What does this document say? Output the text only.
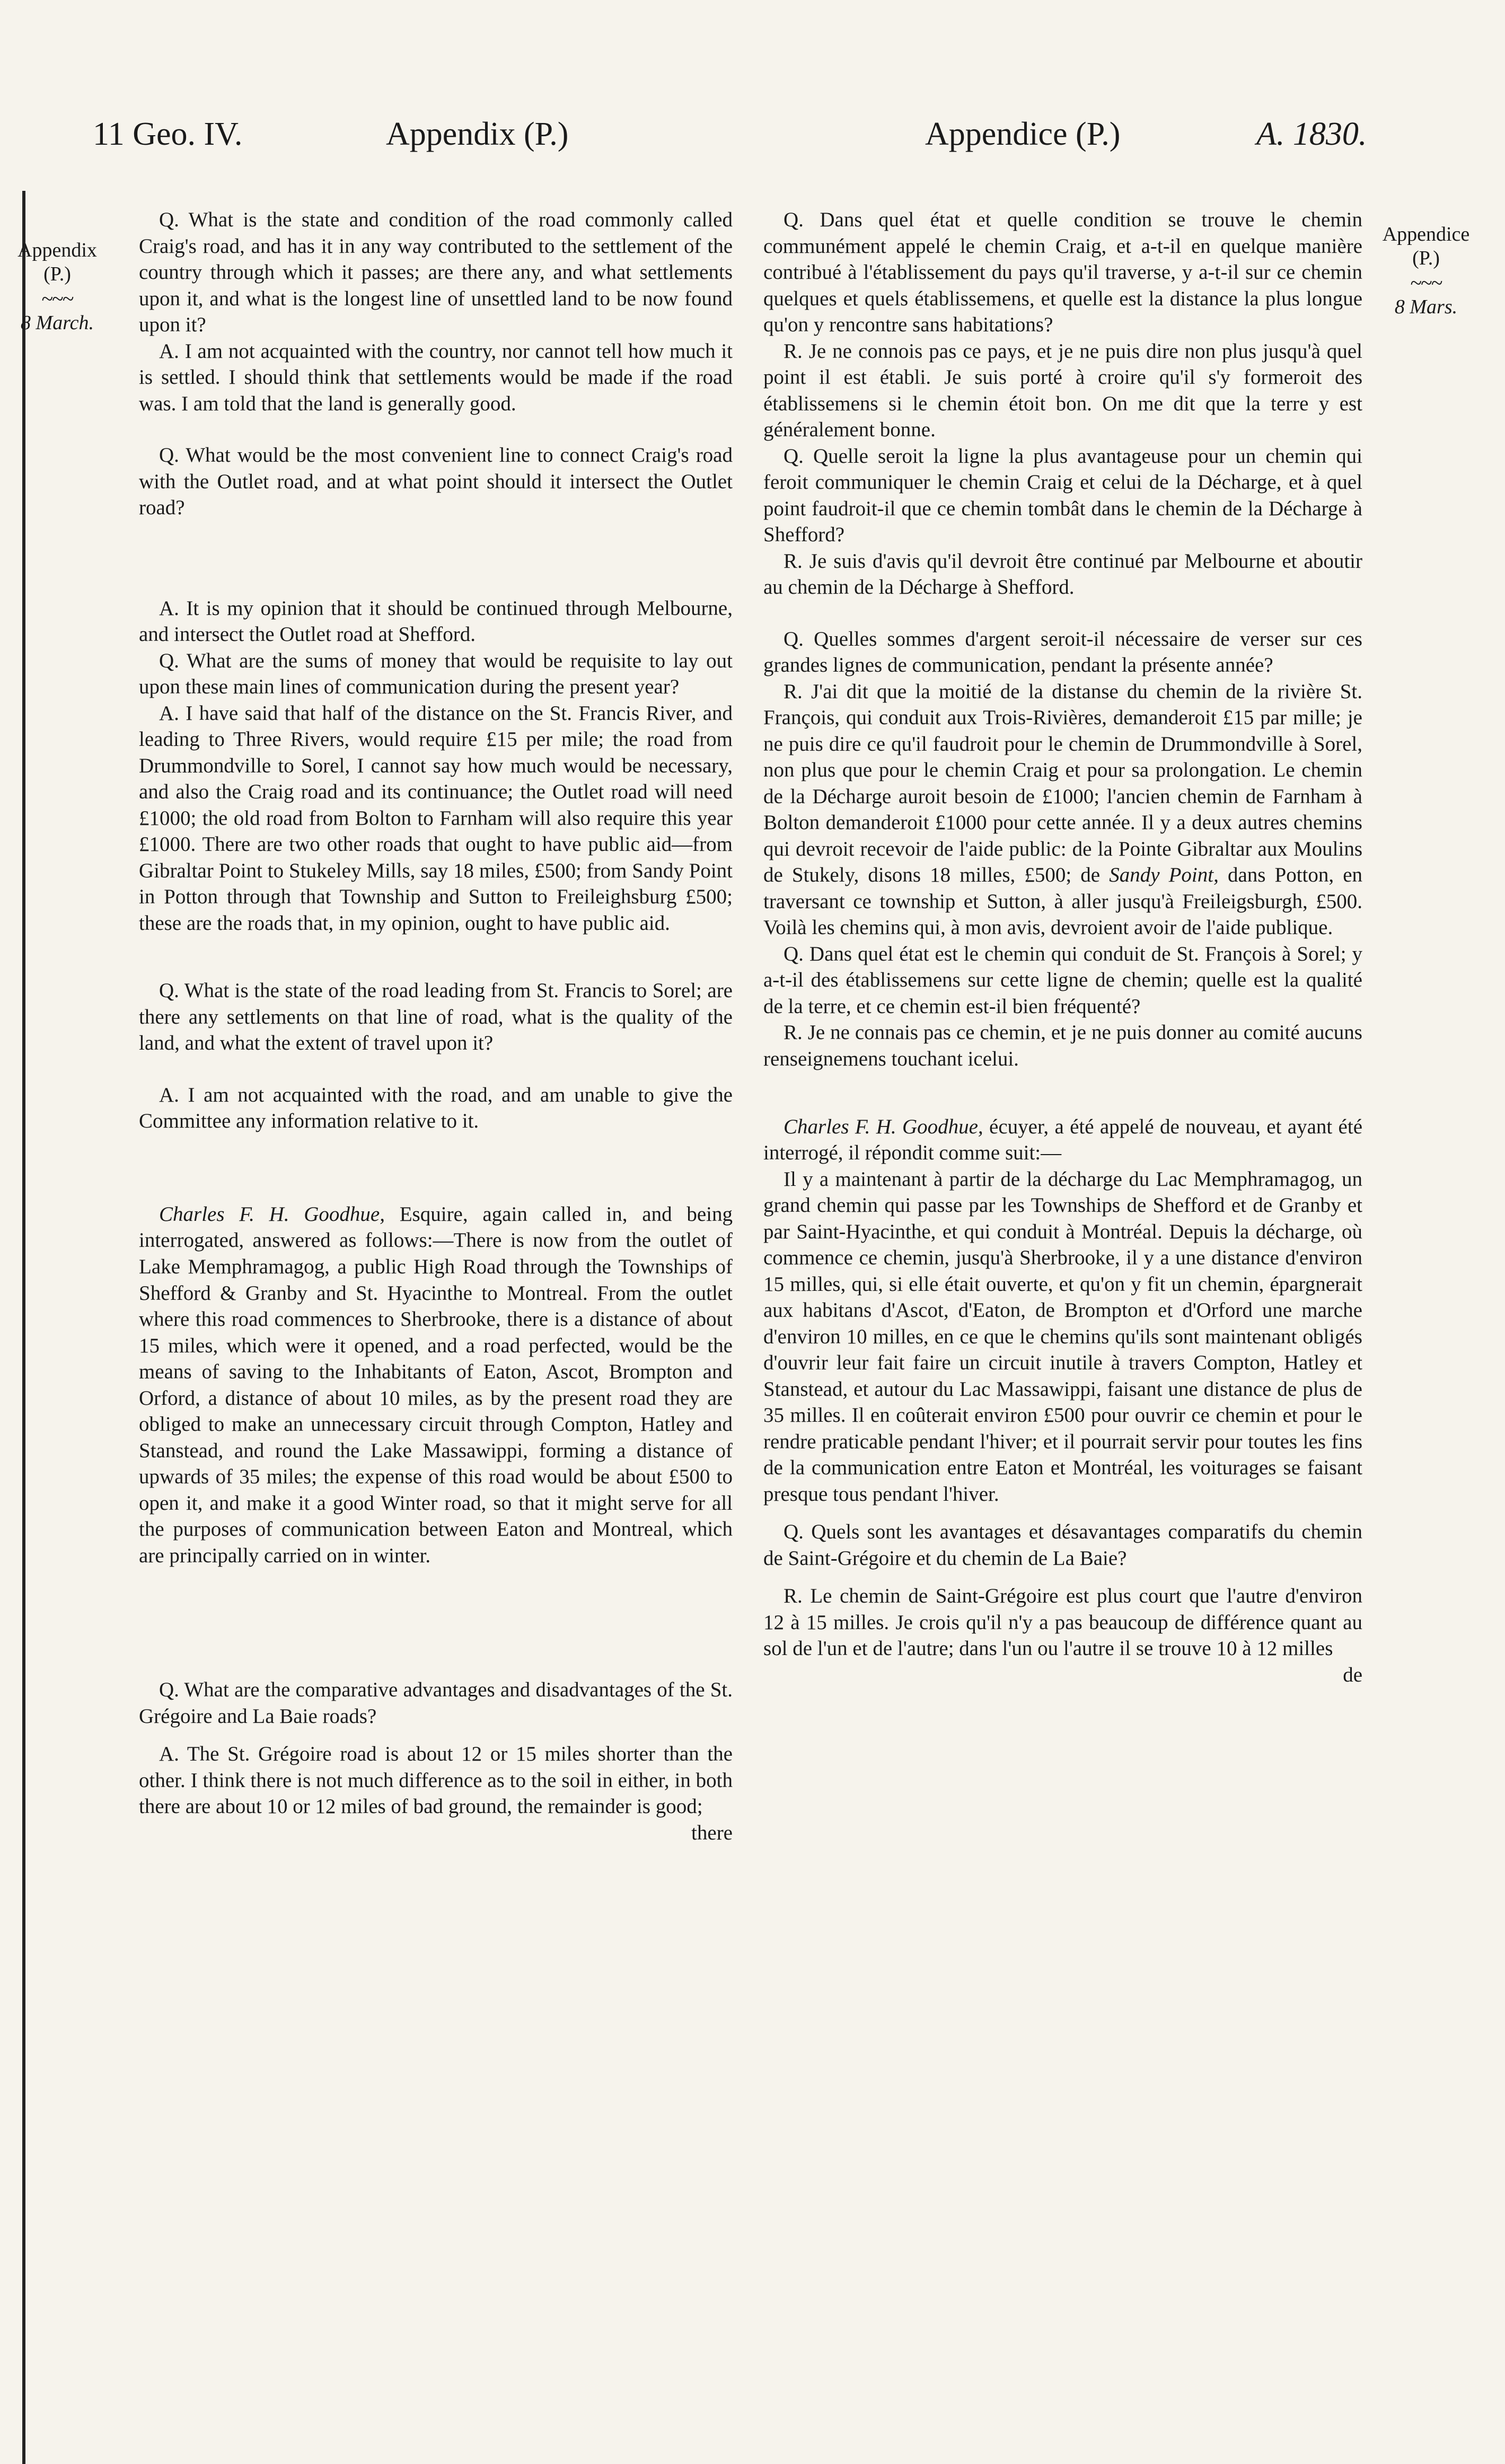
11 Geo. IV.	Appendix (P.)	Appendice (P.)	A. 1830.
Appendix
(P.)
~~~
8 March.
Appendice
(P.)
~~~
8 Mars.

Q. What is the state and condition of the road commonly called Craig's road, and has it in any way contributed to the settlement of the country through which it passes; are there any, and what settlements upon it, and what is the longest line of unsettled land to be now found upon it?

A. I am not acquainted with the country, nor cannot tell how much it is settled. I should think that settlements would be made if the road was. I am told that the land is generally good.

Q. What would be the most convenient line to connect Craig's road with the Outlet road, and at what point should it intersect the Outlet road?

A. It is my opinion that it should be continued through Melbourne, and intersect the Outlet road at Shefford.

Q. What are the sums of money that would be requisite to lay out upon these main lines of communication during the present year?

A. I have said that half of the distance on the St. Francis River, and leading to Three Rivers, would require £15 per mile; the road from Drummondville to Sorel, I cannot say how much would be necessary, and also the Craig road and its continuance; the Outlet road will need £1000; the old road from Bolton to Farnham will also require this year £1000. There are two other roads that ought to have public aid—from Gibraltar Point to Stukeley Mills, say 18 miles, £500; from Sandy Point in Potton through that Township and Sutton to Freileighsburg £500; these are the roads that, in my opinion, ought to have public aid.

Q. What is the state of the road leading from St. Francis to Sorel; are there any settlements on that line of road, what is the quality of the land, and what the extent of travel upon it?

A. I am not acquainted with the road, and am unable to give the Committee any information relative to it.

Charles F. H. Goodhue, Esquire, again called in, and being interrogated, answered as follows:—There is now from the outlet of Lake Memphramagog, a public High Road through the Townships of Shefford & Granby and St. Hyacinthe to Montreal. From the outlet where this road commences to Sherbrooke, there is a distance of about 15 miles, which were it opened, and a road perfected, would be the means of saving to the Inhabitants of Eaton, Ascot, Brompton and Orford, a distance of about 10 miles, as by the present road they are obliged to make an unnecessary circuit through Compton, Hatley and Stanstead, and round the Lake Massawippi, forming a distance of upwards of 35 miles; the expense of this road would be about £500 to open it, and make it a good Winter road, so that it might serve for all the purposes of communication between Eaton and Montreal, which are principally carried on in winter.

Q. What are the comparative advantages and disadvantages of the St. Grégoire and La Baie roads?

A. The St. Grégoire road is about 12 or 15 miles shorter than the other. I think there is not much difference as to the soil in either, in both there are about 10 or 12 miles of bad ground, the remainder is good;

there

Q. Dans quel état et quelle condition se trouve le chemin communément appelé le chemin Craig, et a-t-il en quelque manière contribué à l'établissement du pays qu'il traverse, y a-t-il sur ce chemin quelques et quels établissemens, et quelle est la distance la plus longue qu'on y rencontre sans habitations?

R. Je ne connois pas ce pays, et je ne puis dire non plus jusqu'à quel point il est établi. Je suis porté à croire qu'il s'y formeroit des établissemens si le chemin étoit bon. On me dit que la terre y est généralement bonne.

Q. Quelle seroit la ligne la plus avantageuse pour un chemin qui feroit communiquer le chemin Craig et celui de la Décharge, et à quel point faudroit-il que ce chemin tombât dans le chemin de la Décharge à Shefford?

R. Je suis d'avis qu'il devroit être continué par Melbourne et aboutir au chemin de la Décharge à Shefford.

Q. Quelles sommes d'argent seroit-il nécessaire de verser sur ces grandes lignes de communication, pendant la présente année?

R. J'ai dit que la moitié de la distanse du chemin de la rivière St. François, qui conduit aux Trois-Rivières, demanderoit £15 par mille; je ne puis dire ce qu'il faudroit pour le chemin de Drummondville à Sorel, non plus que pour le chemin Craig et pour sa prolongation. Le chemin de la Décharge auroit besoin de £1000; l'ancien chemin de Farnham à Bolton demanderoit £1000 pour cette année. Il y a deux autres chemins qui devroit recevoir de l'aide public: de la Pointe Gibraltar aux Moulins de Stukely, disons 18 milles, £500; de Sandy Point, dans Potton, en traversant ce township et Sutton, à aller jusqu'à Freileigsburgh, £500. Voilà les chemins qui, à mon avis, devroient avoir de l'aide publique.

Q. Dans quel état est le chemin qui conduit de St. François à Sorel; y a-t-il des établissemens sur cette ligne de chemin; quelle est la qualité de la terre, et ce chemin est-il bien fréquenté?

R. Je ne connais pas ce chemin, et je ne puis donner au comité aucuns renseignemens touchant icelui.

Charles F. H. Goodhue, écuyer, a été appelé de nouveau, et ayant été interrogé, il répondit comme suit:—

Il y a maintenant à partir de la décharge du Lac Memphramagog, un grand chemin qui passe par les Townships de Shefford et de Granby et par Saint-Hyacinthe, et qui conduit à Montréal. Depuis la décharge, où commence ce chemin, jusqu'à Sherbrooke, il y a une distance d'environ 15 milles, qui, si elle était ouverte, et qu'on y fit un chemin, épargnerait aux habitans d'Ascot, d'Eaton, de Brompton et d'Orford une marche d'environ 10 milles, en ce que le chemins qu'ils sont maintenant obligés d'ouvrir leur fait faire un circuit inutile à travers Compton, Hatley et Stanstead, et autour du Lac Massawippi, faisant une distance de plus de 35 milles. Il en coûterait environ £500 pour ouvrir ce chemin et pour le rendre praticable pendant l'hiver; et il pourrait servir pour toutes les fins de la communication entre Eaton et Montréal, les voiturages se faisant presque tous pendant l'hiver.

Q. Quels sont les avantages et désavantages comparatifs du chemin de Saint-Grégoire et du chemin de La Baie?

R. Le chemin de Saint-Grégoire est plus court que l'autre d'environ 12 à 15 milles. Je crois qu'il n'y a pas beaucoup de différence quant au sol de l'un et de l'autre; dans l'un ou l'autre il se trouve 10 à 12 milles

de
